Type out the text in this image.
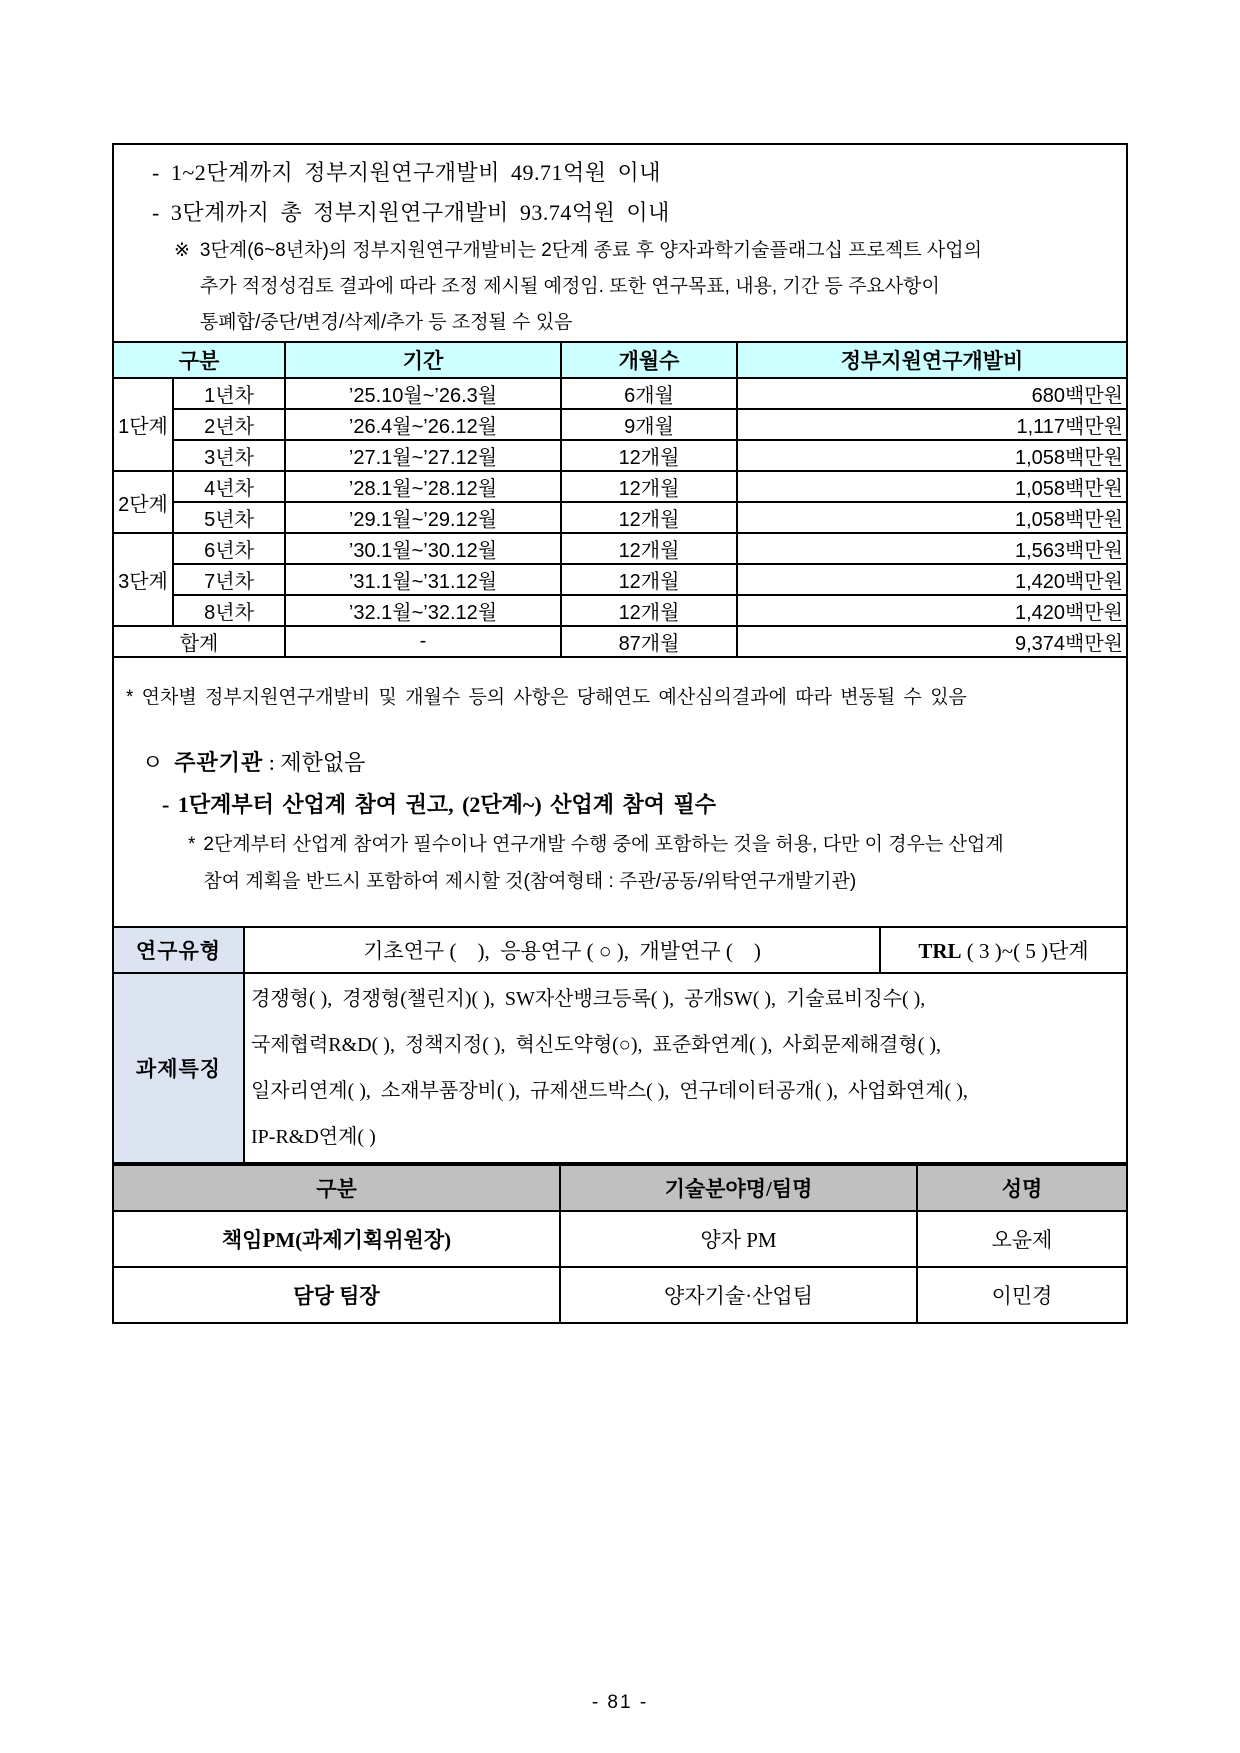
- 1~2단계까지 정부지원연구개발비 49.71억원 이내
- 3단계까지 총 정부지원연구개발비 93.74억원 이내
※ 3단계(6~8년차)의 정부지원연구개발비는 2단계 종료 후 양자과학기술플래그십 프로젝트 사업의
추가 적정성검토 결과에 따라 조정 제시될 예정임. 또한 연구목표, 내용, 기간 등 주요사항이
통폐합/중단/변경/삭제/추가 등 조정될 수 있음
구분		기간	개월수	정부지원연구개발비
1단계	1년차	’25.10월~’26.3월	6개월	680백만원
	2년차	’26.4월~’26.12월	9개월	1,117백만원
	3년차	’27.1월~’27.12월	12개월	1,058백만원
2단계	4년차	’28.1월~’28.12월	12개월	1,058백만원
	5년차	’29.1월~’29.12월	12개월	1,058백만원
3단계	6년차	’30.1월~’30.12월	12개월	1,563백만원
	7년차	’31.1월~’31.12월	12개월	1,420백만원
	8년차	’32.1월~’32.12월	12개월	1,420백만원
합계		-	87개월	9,374백만원
* 연차별 정부지원연구개발비 및 개월수 등의 사항은 당해연도 예산심의결과에 따라 변동될 수 있음
ㅇ 주관기관 : 제한없음
- 1단계부터 산업계 참여 권고, (2단계~) 산업계 참여 필수
* 2단계부터 산업계 참여가 필수이나 연구개발 수행 중에 포함하는 것을 허용, 다만 이 경우는 산업계
참여 계획을 반드시 포함하여 제시할 것(참여형태 : 주관/공동/위탁연구개발기관)
연구유형	기초연구 (    ),  응용연구 ( ○ ),  개발연구 (    )	TRL ( 3 )~( 5 )단계
과제특징	경쟁형( ),  경쟁형(챌린지)( ),  SW자산뱅크등록( ),  공개SW( ),  기술료비징수( ),
국제협력R&D( ),  정책지정( ),  혁신도약형(○),  표준화연계( ),  사회문제해결형( ),
일자리연계( ),  소재부품장비( ),  규제샌드박스( ),  연구데이터공개( ),  사업화연계( ),
IP-R&D연계( )	
구분	기술분야명/팀명	성명
책임PM(과제기획위원장)	양자 PM	오윤제
담당 팀장	양자기술·산업팀	이민경
- 81 -
